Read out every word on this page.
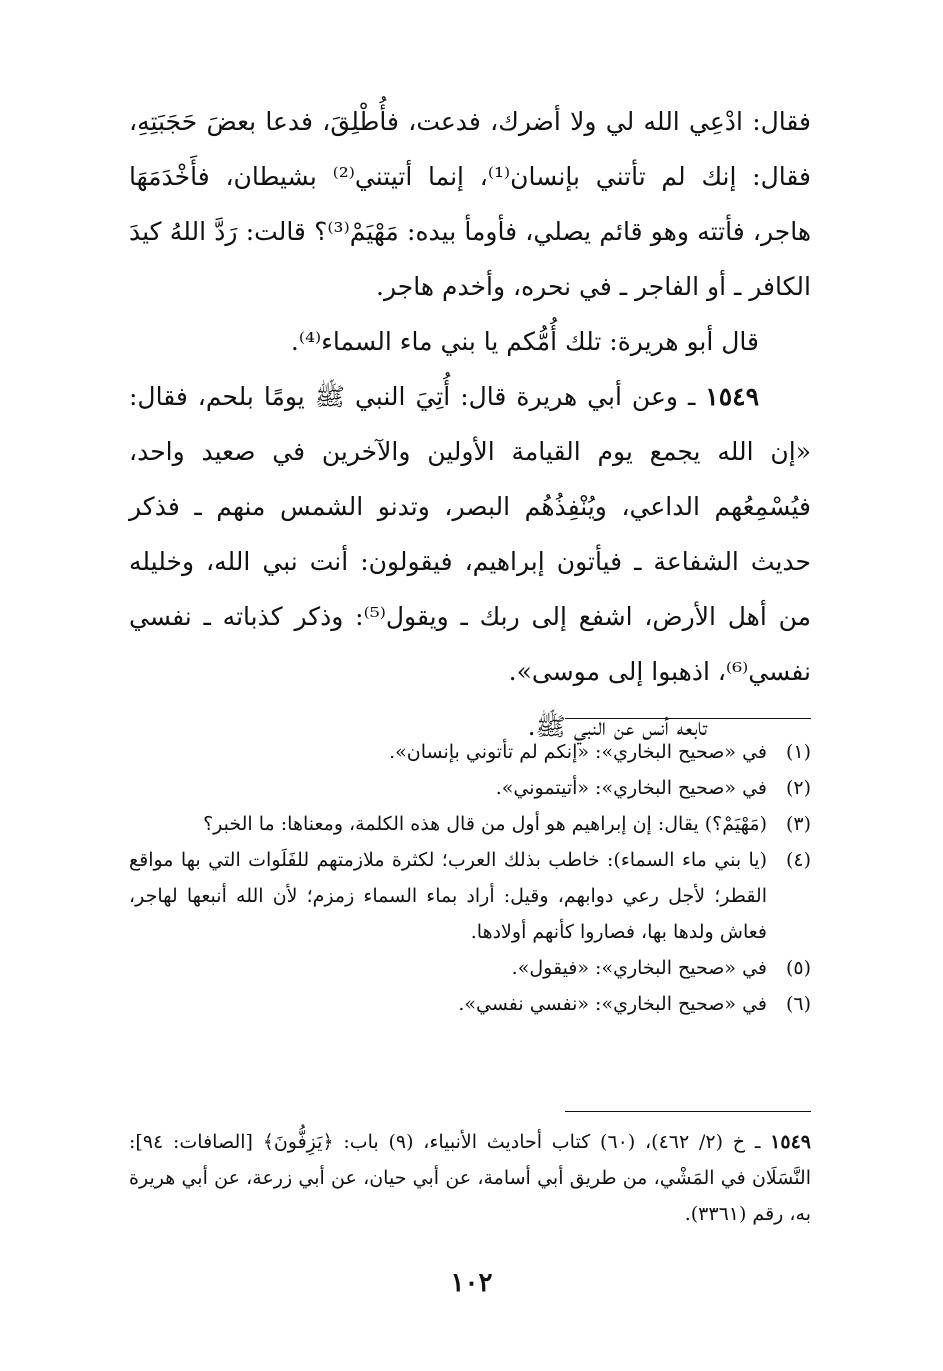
فقال: ادْعِي الله لي ولا أضرك، فدعت، فأُطْلِقَ، فدعا بعضَ حَجَبَتِهِ، فقال: إنك لم تأتني بإنسان⁽¹⁾، إنما أتيتني⁽²⁾ بشيطان، فأَخْدَمَهَا هاجر، فأتته وهو قائم يصلي، فأومأ بيده: مَهْيَمْ⁽³⁾؟ قالت: رَدَّ اللهُ كيدَ الكافر ـ أو الفاجر ـ في نحره، وأخدم هاجر.

قال أبو هريرة: تلك أُمُّكم يا بني ماء السماء⁽⁴⁾.

١٥٤٩ ـ وعن أبي هريرة قال: أُتِيَ النبي ﷺ يومًا بلحم، فقال: «إن الله يجمع يوم القيامة الأولين والآخرين في صعيد واحد، فيُسْمِعُهم الداعي، ويُنْفِذُهُم البصر، وتدنو الشمس منهم ـ فذكر حديث الشفاعة ـ فيأتون إبراهيم، فيقولون: أنت نبي الله، وخليله من أهل الأرض، اشفع إلى ربك ـ ويقول⁽⁵⁾: وذكر كذباته ـ نفسي نفسي⁽⁶⁾، اذهبوا إلى موسى».

تابعه أنس عن النبي ﷺ.

(١)
في «صحيح البخاري»: «إنكم لم تأتوني بإنسان».
(٢)
في «صحيح البخاري»: «أتيتموني».
(٣)
(مَهْيَمْ؟) يقال: إن إبراهيم هو أول من قال هذه الكلمة، ومعناها: ما الخبر؟
(٤)
(يا بني ماء السماء): خاطب بذلك العرب؛ لكثرة ملازمتهم للفَلَوات التي بها مواقع القطر؛ لأجل رعي دوابهم، وقيل: أراد بماء السماء زمزم؛ لأن الله أنبعها لهاجر، فعاش ولدها بها، فصاروا كأنهم أولادها.
(٥)
في «صحيح البخاري»: «فيقول».
(٦)
في «صحيح البخاري»: «نفسي نفسي».
١٥٤٩ ـ خ (٢/ ٤٦٢)، (٦٠) كتاب أحاديث الأنبياء، (٩) باب: ﴿يَزِفُّونَ﴾ [الصافات: ٩٤]: النَّسَلَان في المَشْي، من طريق أبي أسامة، عن أبي حيان، عن أبي زرعة، عن أبي هريرة به، رقم (٣٣٦١).
١٠٢
